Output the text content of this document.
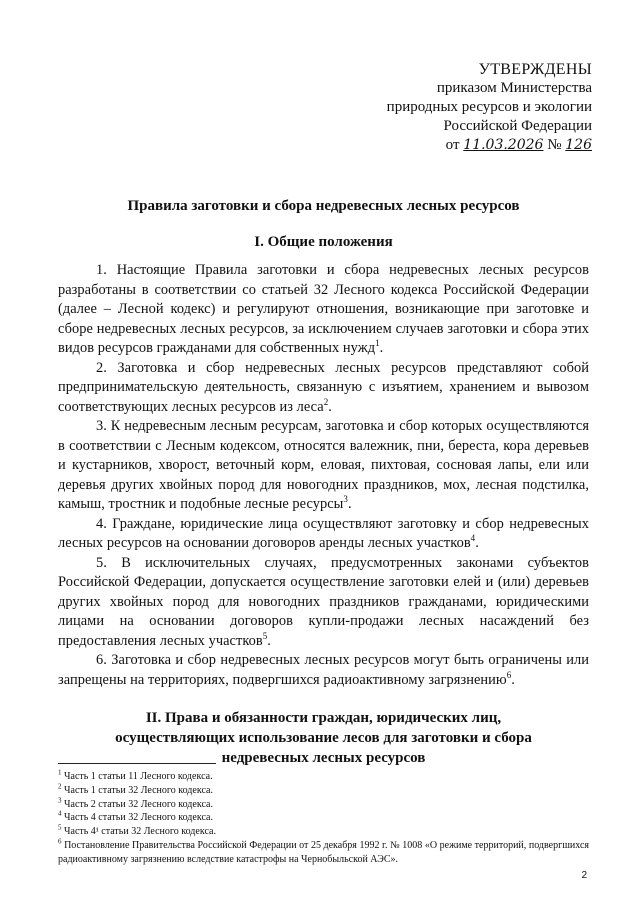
УТВЕРЖДЕНЫ
приказом Министерства
природных ресурсов и экологии
Российской Федерации
от 11.03.2026 № 126
Правила заготовки и сбора недревесных лесных ресурсов
I. Общие положения

1. Настоящие Правила заготовки и сбора недревесных лесных ресурсов разработаны в соответствии со статьей 32 Лесного кодекса Российской Федерации (далее – Лесной кодекс) и регулируют отношения, возникающие при заготовке и сборе недревесных лесных ресурсов, за исключением случаев заготовки и сбора этих видов ресурсов гражданами для собственных нужд$^1$.

2. Заготовка и сбор недревесных лесных ресурсов представляют собой предпринимательскую деятельность, связанную с изъятием, хранением и вывозом соответствующих лесных ресурсов из леса$^2$.

3. К недревесным лесным ресурсам, заготовка и сбор которых осуществляются в соответствии с Лесным кодексом, относятся валежник, пни, береста, кора деревьев и кустарников, хворост, веточный корм, еловая, пихтовая, сосновая лапы, ели или деревья других хвойных пород для новогодних праздников, мох, лесная подстилка, камыш, тростник и подобные лесные ресурсы$^3$.

4. Граждане, юридические лица осуществляют заготовку и сбор недревесных лесных ресурсов на основании договоров аренды лесных участков$^4$.

5. В исключительных случаях, предусмотренных законами субъектов Российской Федерации, допускается осуществление заготовки елей и (или) деревьев других хвойных пород для новогодних праздников гражданами, юридическими лицами на основании договоров купли-продажи лесных насаждений без предоставления лесных участков$^5$.

6. Заготовка и сбор недревесных лесных ресурсов могут быть ограничены или запрещены на территориях, подвергшихся радиоактивному загрязнению$^6$.

II. Права и обязанности граждан, юридических лиц, осуществляющих использование лесов для заготовки и сбора недревесных лесных ресурсов
$^1$ Часть 1 статьи 11 Лесного кодекса.
$^2$ Часть 1 статьи 32 Лесного кодекса.
$^3$ Часть 2 статьи 32 Лесного кодекса.
$^4$ Часть 4 статьи 32 Лесного кодекса.
$^5$ Часть 4¹ статьи 32 Лесного кодекса.
$^6$ Постановление Правительства Российской Федерации от 25 декабря 1992 г. № 1008 «О режиме территорий, подвергшихся радиоактивному загрязнению вследствие катастрофы на Чернобыльской АЭС».
2
